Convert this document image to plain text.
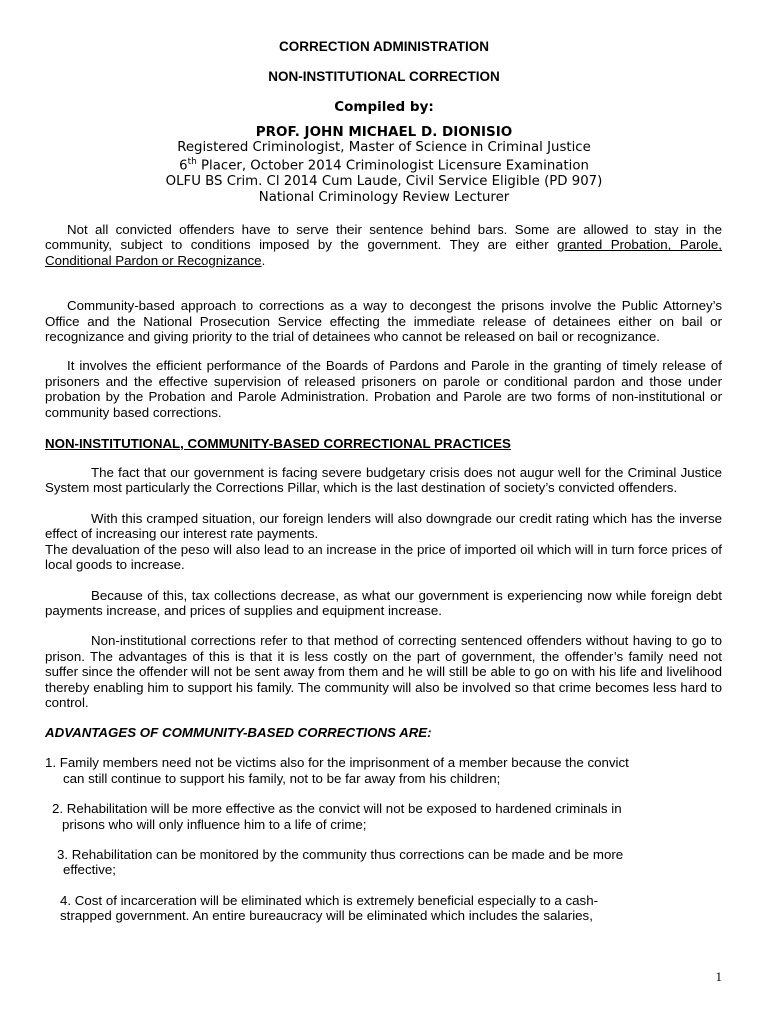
CORRECTION ADMINISTRATION

NON-INSTITUTIONAL CORRECTION

Compiled by:

PROF. JOHN MICHAEL D. DIONISIO

Registered Criminologist, Master of Science in Criminal Justice

6th Placer, October 2014 Criminologist Licensure Examination

OLFU BS Crim. Cl 2014 Cum Laude, Civil Service Eligible (PD 907)

National Criminology Review Lecturer

Not all convicted offenders have to serve their sentence behind bars. Some are allowed to stay in the community, subject to conditions imposed by the government. They are either granted Probation, Parole, Conditional Pardon or Recognizance.

Community-based approach to corrections as a way to decongest the prisons involve the Public Attorney’s Office and the National Prosecution Service effecting the immediate release of detainees either on bail or recognizance and giving priority to the trial of detainees who cannot be released on bail or recognizance.

It involves the efficient performance of the Boards of Pardons and Parole in the granting of timely release of prisoners and the effective supervision of released prisoners on parole or conditional pardon and those under probation by the Probation and Parole Administration. Probation and Parole are two forms of non-institutional or community based corrections.

NON-INSTITUTIONAL, COMMUNITY-BASED CORRECTIONAL PRACTICES

The fact that our government is facing severe budgetary crisis does not augur well for the Criminal Justice System most particularly the Corrections Pillar, which is the last destination of society’s convicted offenders.

With this cramped situation, our foreign lenders will also downgrade our credit rating which has the inverse effect of increasing our interest rate payments.

The devaluation of the peso will also lead to an increase in the price of imported oil which will in turn force prices of local goods to increase.

Because of this, tax collections decrease, as what our government is experiencing now while foreign debt payments increase, and prices of supplies and equipment increase.

Non-institutional corrections refer to that method of correcting sentenced offenders without having to go to prison. The advantages of this is that it is less costly on the part of government, the offender’s family need not suffer since the offender will not be sent away from them and he will still be able to go on with his life and livelihood thereby enabling him to support his family. The community will also be involved so that crime becomes less hard to control.

ADVANTAGES OF COMMUNITY-BASED CORRECTIONS ARE:

1. Family members need not be victims also for the imprisonment of a member because the convict
can still continue to support his family, not to be far away from his children;

2. Rehabilitation will be more effective as the convict will not be exposed to hardened criminals in
prisons who will only influence him to a life of crime;

3. Rehabilitation can be monitored by the community thus corrections can be made and be more
effective;

4. Cost of incarceration will be eliminated which is extremely beneficial especially to a cash-
strapped government. An entire bureaucracy will be eliminated which includes the salaries,

1
